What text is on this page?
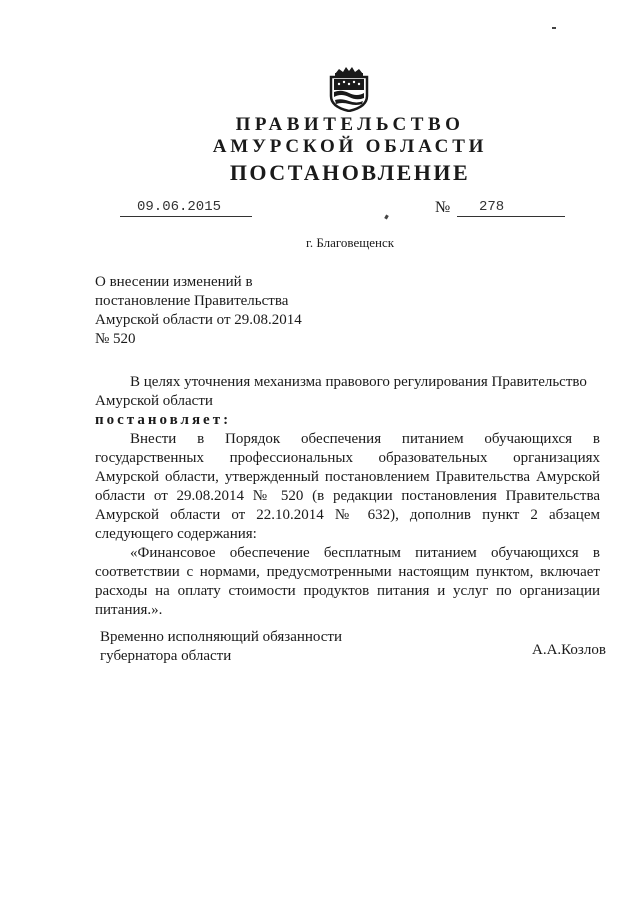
ПРАВИТЕЛЬСТВО
АМУРСКОЙ ОБЛАСТИ
ПОСТАНОВЛЕНИЕ
09.06.2015	№ 278
г. Благовещенск
О внесении изменений в
постановление Правительства
Амурской области от 29.08.2014
№ 520
В целях уточнения механизма правового регулирования Правительство
Амурской области
постановляет:
Внести в Порядок обеспечения питанием обучающихся в
государственных профессиональных образовательных организациях
Амурской области, утвержденный постановлением Правительства Амурской
области от 29.08.2014 № 520 (в редакции постановления Правительства
Амурской области от 22.10.2014 № 632), дополнив пункт 2 абзацем
следующего содержания:
«Финансовое обеспечение бесплатным питанием обучающихся в
соответствии с нормами, предусмотренными настоящим пунктом, включает
расходы на оплату стоимости продуктов питания и услуг по организации
питания.».
Временно исполняющий обязанности
губернатора области	А.А.Козлов
